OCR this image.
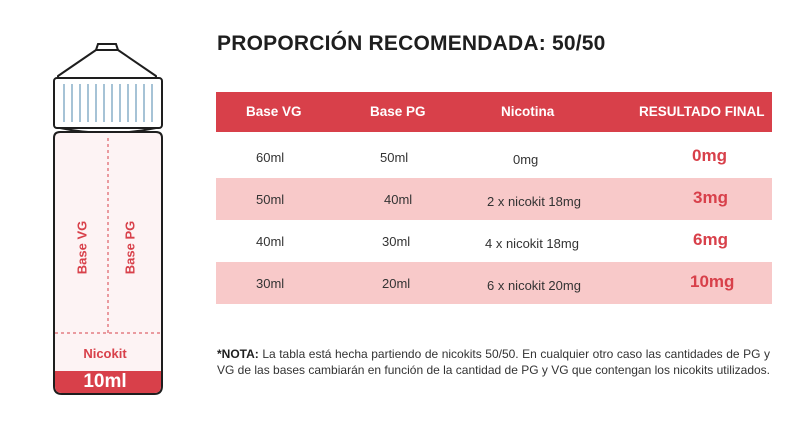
Base VG	Base PG
Nicokit
10ml
PROPORCIÓN RECOMENDADA: 50/50
Base VG	Base PG	Nicotina	RESULTADO FINAL
60ml	50ml	0mg	0mg
50ml	40ml	2 x nicokit 18mg	3mg
40ml	30ml	4 x nicokit 18mg	6mg
30ml	20ml	6 x nicokit 20mg	10mg
*NOTA: La tabla está hecha partiendo de nicokits 50/50. En cualquier otro caso las cantidades de PG y VG de las bases cambiarán en función de la cantidad de PG y VG que contengan los nicokits utilizados.
